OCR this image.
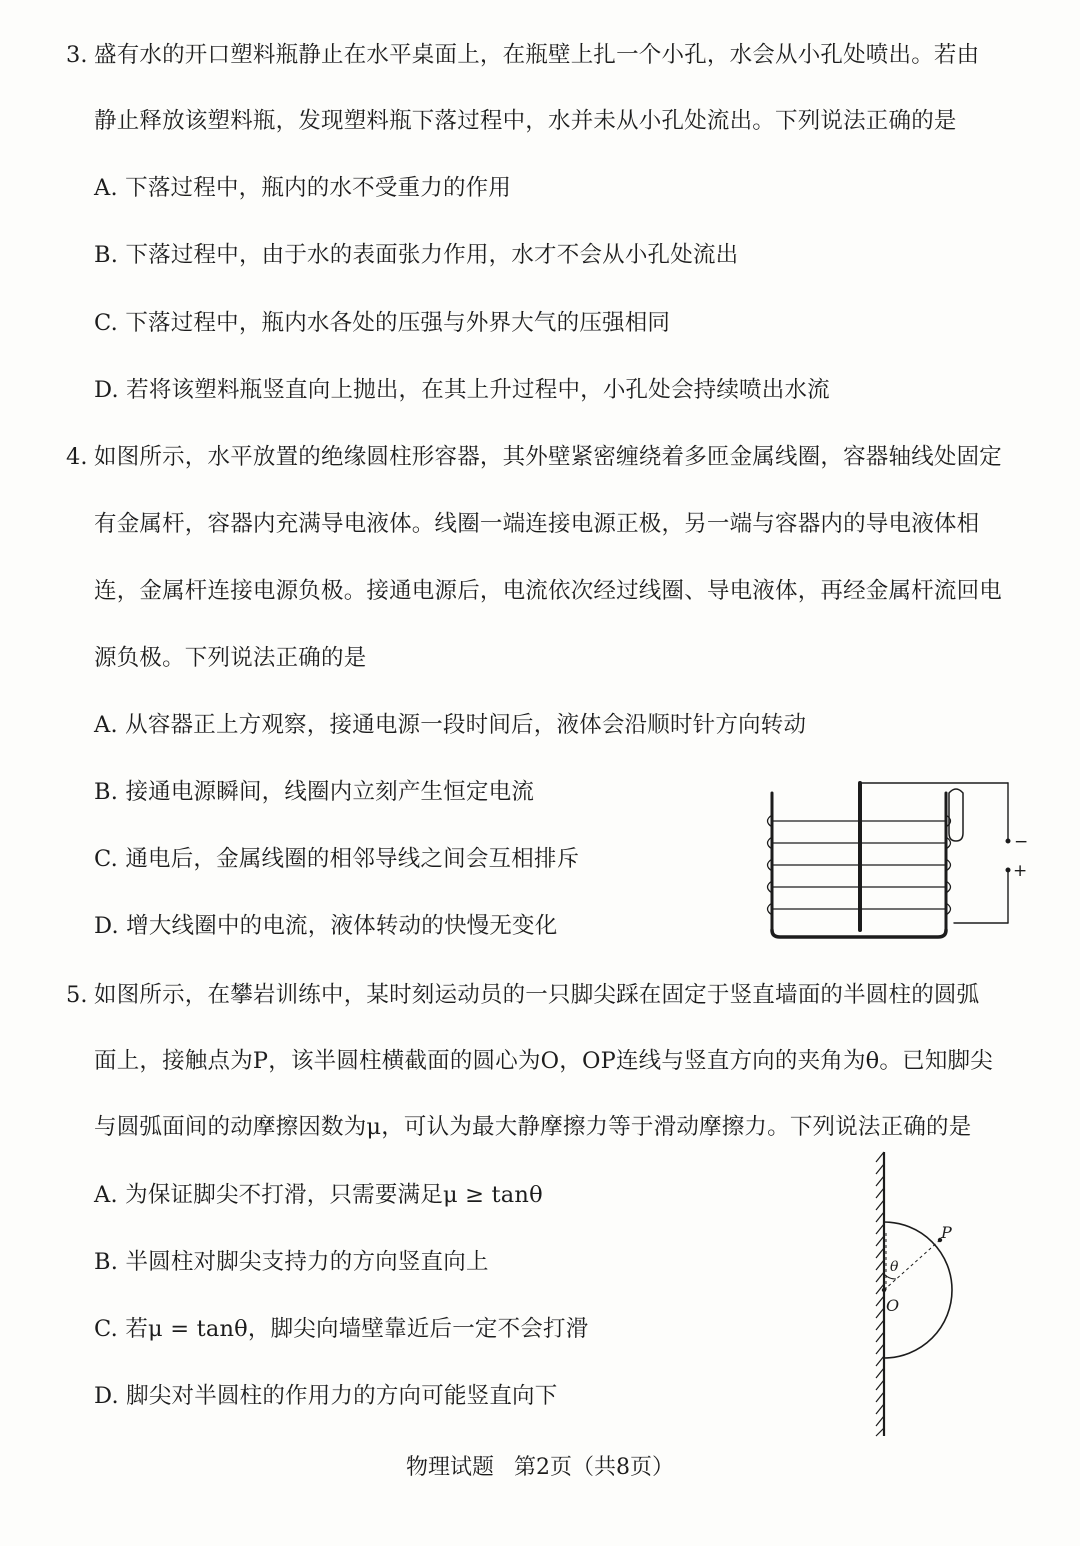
3. 盛有水的开口塑料瓶静止在水平桌面上，在瓶壁上扎一个小孔，水会从小孔处喷出。若由
静止释放该塑料瓶，发现塑料瓶下落过程中，水并未从小孔处流出。下列说法正确的是
A. 下落过程中，瓶内的水不受重力的作用
B. 下落过程中，由于水的表面张力作用，水才不会从小孔处流出
C. 下落过程中，瓶内水各处的压强与外界大气的压强相同
D. 若将该塑料瓶竖直向上抛出，在其上升过程中，小孔处会持续喷出水流
4. 如图所示，水平放置的绝缘圆柱形容器，其外壁紧密缠绕着多匝金属线圈，容器轴线处固定
有金属杆，容器内充满导电液体。线圈一端连接电源正极，另一端与容器内的导电液体相
连，金属杆连接电源负极。接通电源后，电流依次经过线圈、导电液体，再经金属杆流回电
源负极。下列说法正确的是
A. 从容器正上方观察，接通电源一段时间后，液体会沿顺时针方向转动
B. 接通电源瞬间，线圈内立刻产生恒定电流
C. 通电后，金属线圈的相邻导线之间会互相排斥
D. 增大线圈中的电流，液体转动的快慢无变化
−
+
5. 如图所示，在攀岩训练中，某时刻运动员的一只脚尖踩在固定于竖直墙面的半圆柱的圆弧
面上，接触点为P，该半圆柱横截面的圆心为O，OP连线与竖直方向的夹角为θ。已知脚尖
与圆弧面间的动摩擦因数为μ，可认为最大静摩擦力等于滑动摩擦力。下列说法正确的是
A. 为保证脚尖不打滑，只需要满足μ ≥ tanθ
B. 半圆柱对脚尖支持力的方向竖直向上
C. 若μ = tanθ，脚尖向墙壁靠近后一定不会打滑
D. 脚尖对半圆柱的作用力的方向可能竖直向下
P
O
θ
物理试题 第2页（共8页）
